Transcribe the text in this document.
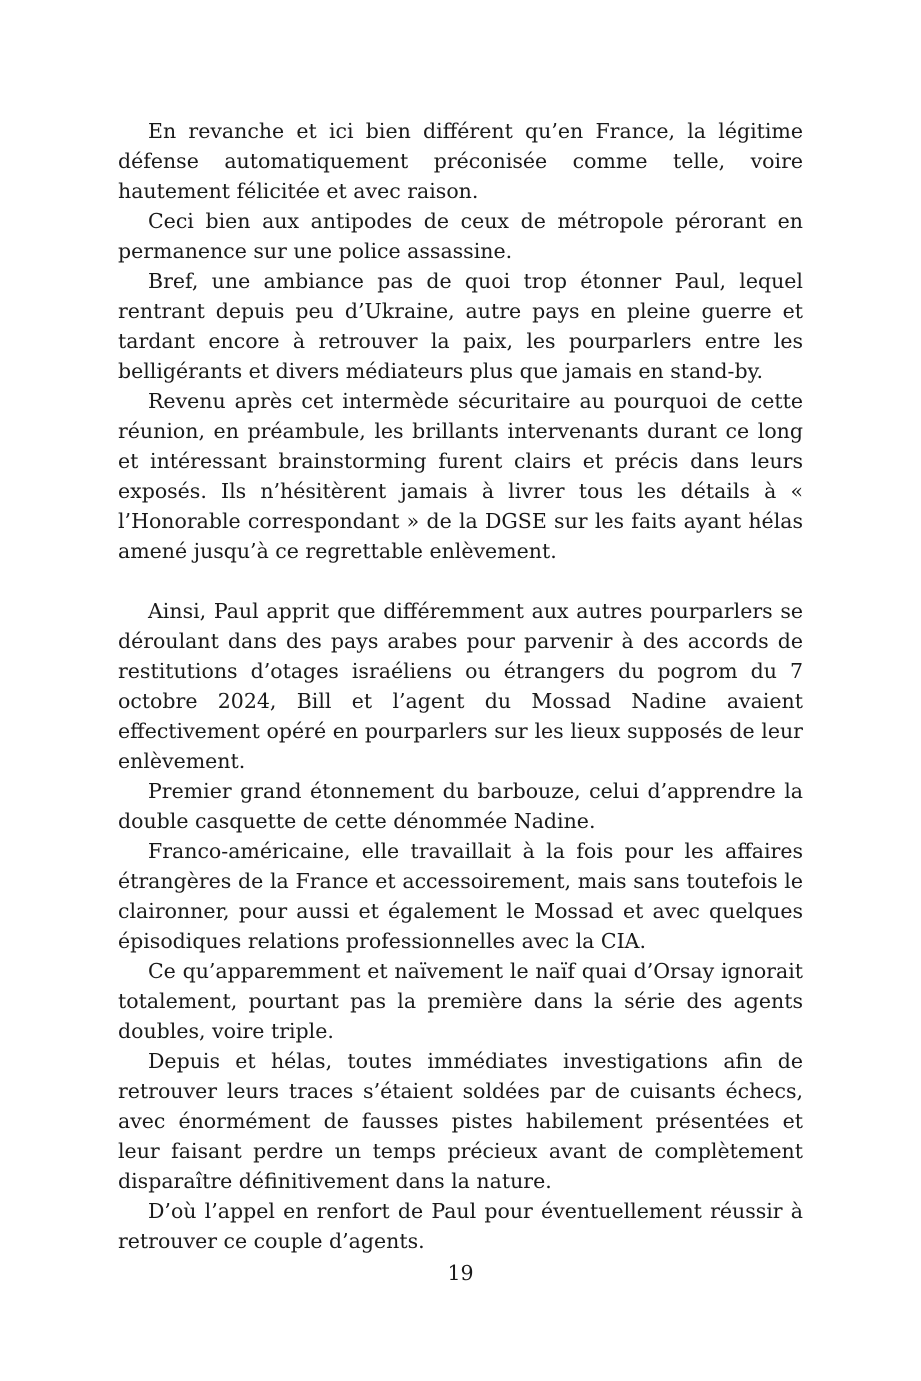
En revanche et ici bien différent qu’en France, la légitime défense automatiquement préconisée comme telle, voire hautement félicitée et avec raison.

Ceci bien aux antipodes de ceux de métropole pérorant en permanence sur une police assassine.

Bref, une ambiance pas de quoi trop étonner Paul, lequel rentrant depuis peu d’Ukraine, autre pays en pleine guerre et tardant encore à retrouver la paix, les pourparlers entre les belligérants et divers médiateurs plus que jamais en stand-by.

Revenu après cet intermède sécuritaire au pourquoi de cette réunion, en préambule, les brillants intervenants durant ce long et intéressant brainstorming furent clairs et précis dans leurs exposés. Ils n’hésitèrent jamais à livrer tous les détails à « l’Honorable correspondant » de la DGSE sur les faits ayant hélas amené jusqu’à ce regrettable enlèvement.

Ainsi, Paul apprit que différemment aux autres pourparlers se déroulant dans des pays arabes pour parvenir à des accords de restitutions d’otages israéliens ou étrangers du pogrom du 7 octobre 2024, Bill et l’agent du Mossad Nadine avaient effectivement opéré en pourparlers sur les lieux supposés de leur enlèvement.

Premier grand étonnement du barbouze, celui d’apprendre la double casquette de cette dénommée Nadine.

Franco-américaine, elle travaillait à la fois pour les affaires étrangères de la France et accessoirement, mais sans toutefois le claironner, pour aussi et également le Mossad et avec quelques épisodiques relations professionnelles avec la CIA.

Ce qu’apparemment et naïvement le naïf quai d’Orsay ignorait totalement, pourtant pas la première dans la série des agents doubles, voire triple.

Depuis et hélas, toutes immédiates investigations afin de retrouver leurs traces s’étaient soldées par de cuisants échecs, avec énormément de fausses pistes habilement présentées et leur faisant perdre un temps précieux avant de complètement disparaître définitivement dans la nature.

D’où l’appel en renfort de Paul pour éventuellement réussir à retrouver ce couple d’agents.

19
